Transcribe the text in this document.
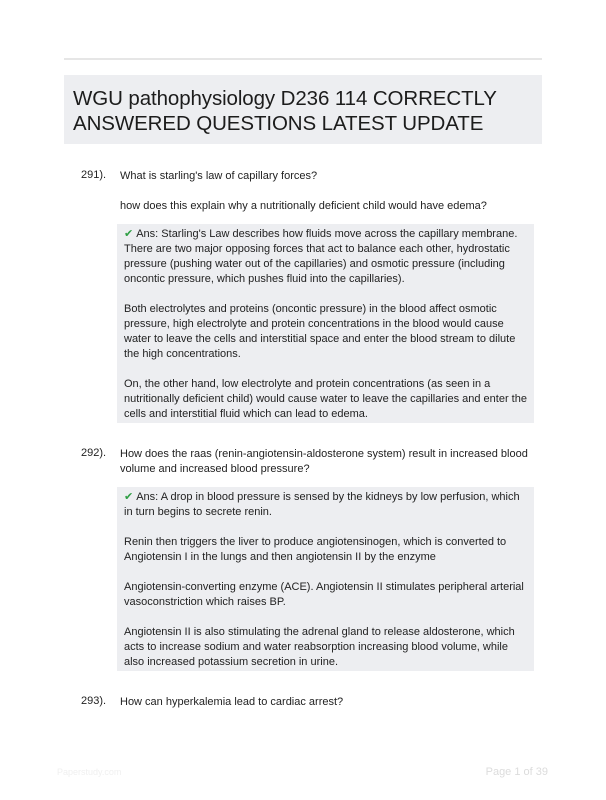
WGU pathophysiology D236 114 CORRECTLY
ANSWERED QUESTIONS LATEST UPDATE
291). What is starling's law of capillary forces?

how does this explain why a nutritionally deficient child would have edema?

✔ Ans: Starling's Law describes how fluids move across the capillary membrane. There are two major opposing forces that act to balance each other, hydrostatic pressure (pushing water out of the capillaries) and osmotic pressure (including oncontic pressure, which pushes fluid into the capillaries).

Both electrolytes and proteins (oncontic pressure) in the blood affect osmotic pressure, high electrolyte and protein concentrations in the blood would cause water to leave the cells and interstitial space and enter the blood stream to dilute the high concentrations.

On, the other hand, low electrolyte and protein concentrations (as seen in a nutritionally deficient child) would cause water to leave the capillaries and enter the cells and interstitial fluid which can lead to edema.

292). How does the raas (renin-angiotensin-aldosterone system) result in increased blood volume and increased blood pressure?

✔ Ans: A drop in blood pressure is sensed by the kidneys by low perfusion, which in turn begins to secrete renin.

Renin then triggers the liver to produce angiotensinogen, which is converted to Angiotensin I in the lungs and then angiotensin II by the enzyme

Angiotensin-converting enzyme (ACE). Angiotensin II stimulates peripheral arterial vasoconstriction which raises BP.

Angiotensin II is also stimulating the adrenal gland to release aldosterone, which acts to increase sodium and water reabsorption increasing blood volume, while also increased potassium secretion in urine.

293). How can hyperkalemia lead to cardiac arrest?

Paperstudy.com	Page 1 of 39
